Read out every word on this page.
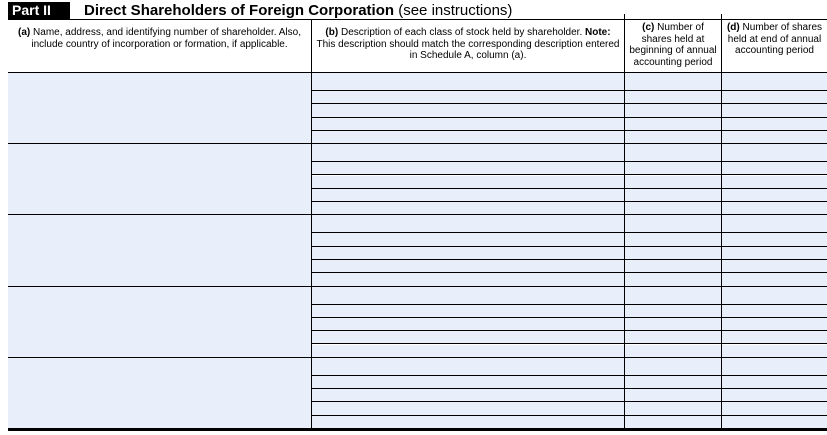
Part II	Direct Shareholders of Foreign Corporation (see instructions)
(a) Name, address, and identifying number of shareholder. Also, include country of incorporation or formation, if applicable.
(b) Description of each class of stock held by shareholder. Note: This description should match the corresponding description entered in Schedule A, column (a).
(c) Number of shares held at beginning of annual accounting period
(d) Number of shares held at end of annual accounting period
